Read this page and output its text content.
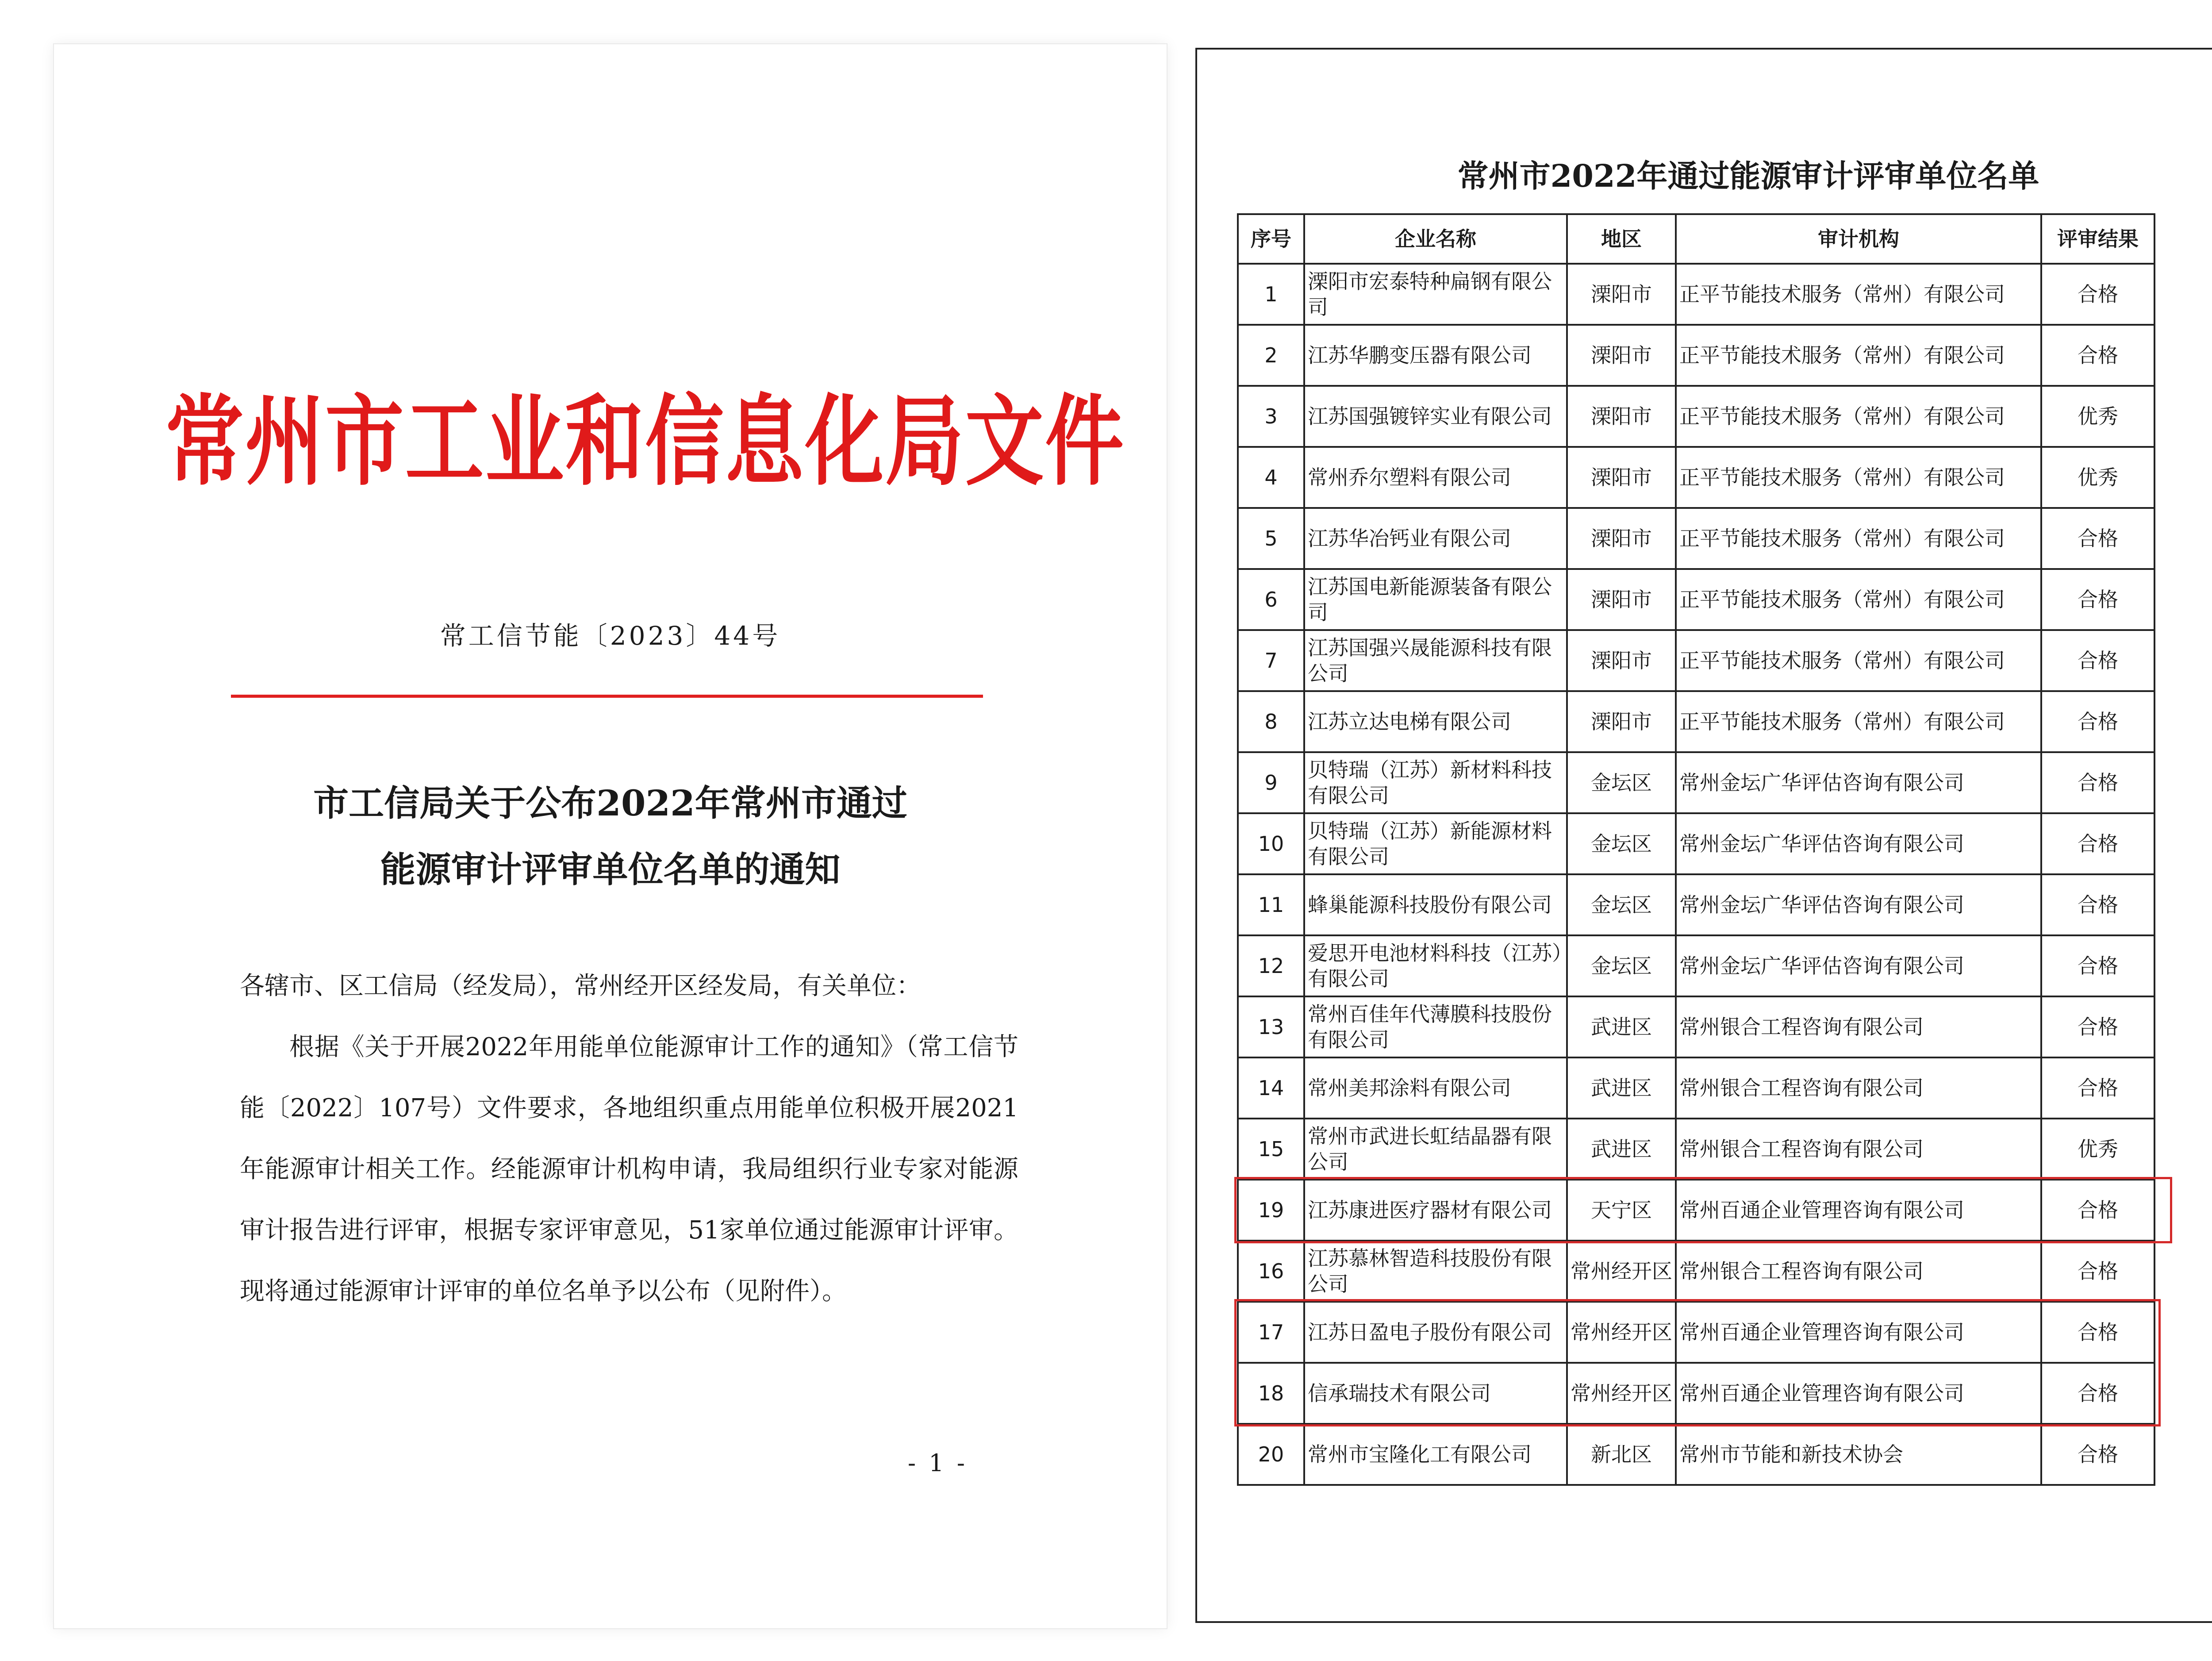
常州市工业和信息化局文件
常工信节能〔2023〕44号
市工信局关于公布2022年常州市通过
能源审计评审单位名单的通知

各辖市、区工信局（经发局），常州经开区经发局，有关单位：

根据《关于开展2022年用能单位能源审计工作的通知》（常工信节能〔2022〕107号）文件要求，各地组织重点用能单位积极开展2021年能源审计相关工作。经能源审计机构申请，我局组织行业专家对能源审计报告进行评审，根据专家评审意见，51家单位通过能源审计评审。现将通过能源审计评审的单位名单予以公布（见附件）。

- 1 -
常州市2022年通过能源审计评审单位名单
序号	企业名称	地区	审计机构	评审结果
1	溧阳市宏泰特种扁钢有限公司	溧阳市	正平节能技术服务（常州）有限公司	合格
2	江苏华鹏变压器有限公司	溧阳市	正平节能技术服务（常州）有限公司	合格
3	江苏国强镀锌实业有限公司	溧阳市	正平节能技术服务（常州）有限公司	优秀
4	常州乔尔塑料有限公司	溧阳市	正平节能技术服务（常州）有限公司	优秀
5	江苏华冶钙业有限公司	溧阳市	正平节能技术服务（常州）有限公司	合格
6	江苏国电新能源装备有限公司	溧阳市	正平节能技术服务（常州）有限公司	合格
7	江苏国强兴晟能源科技有限公司	溧阳市	正平节能技术服务（常州）有限公司	合格
8	江苏立达电梯有限公司	溧阳市	正平节能技术服务（常州）有限公司	合格
9	贝特瑞（江苏）新材料科技有限公司	金坛区	常州金坛广华评估咨询有限公司	合格
10	贝特瑞（江苏）新能源材料有限公司	金坛区	常州金坛广华评估咨询有限公司	合格
11	蜂巢能源科技股份有限公司	金坛区	常州金坛广华评估咨询有限公司	合格
12	爱思开电池材料科技（江苏）有限公司	金坛区	常州金坛广华评估咨询有限公司	合格
13	常州百佳年代薄膜科技股份有限公司	武进区	常州银合工程咨询有限公司	合格
14	常州美邦涂料有限公司	武进区	常州银合工程咨询有限公司	合格
15	常州市武进长虹结晶器有限公司	武进区	常州银合工程咨询有限公司	优秀
19	江苏康进医疗器材有限公司	天宁区	常州百通企业管理咨询有限公司	合格
16	江苏慕林智造科技股份有限公司	常州经开区	常州银合工程咨询有限公司	合格
17	江苏日盈电子股份有限公司	常州经开区	常州百通企业管理咨询有限公司	合格
18	信承瑞技术有限公司	常州经开区	常州百通企业管理咨询有限公司	合格
20	常州市宝隆化工有限公司	新北区	常州市节能和新技术协会	合格
